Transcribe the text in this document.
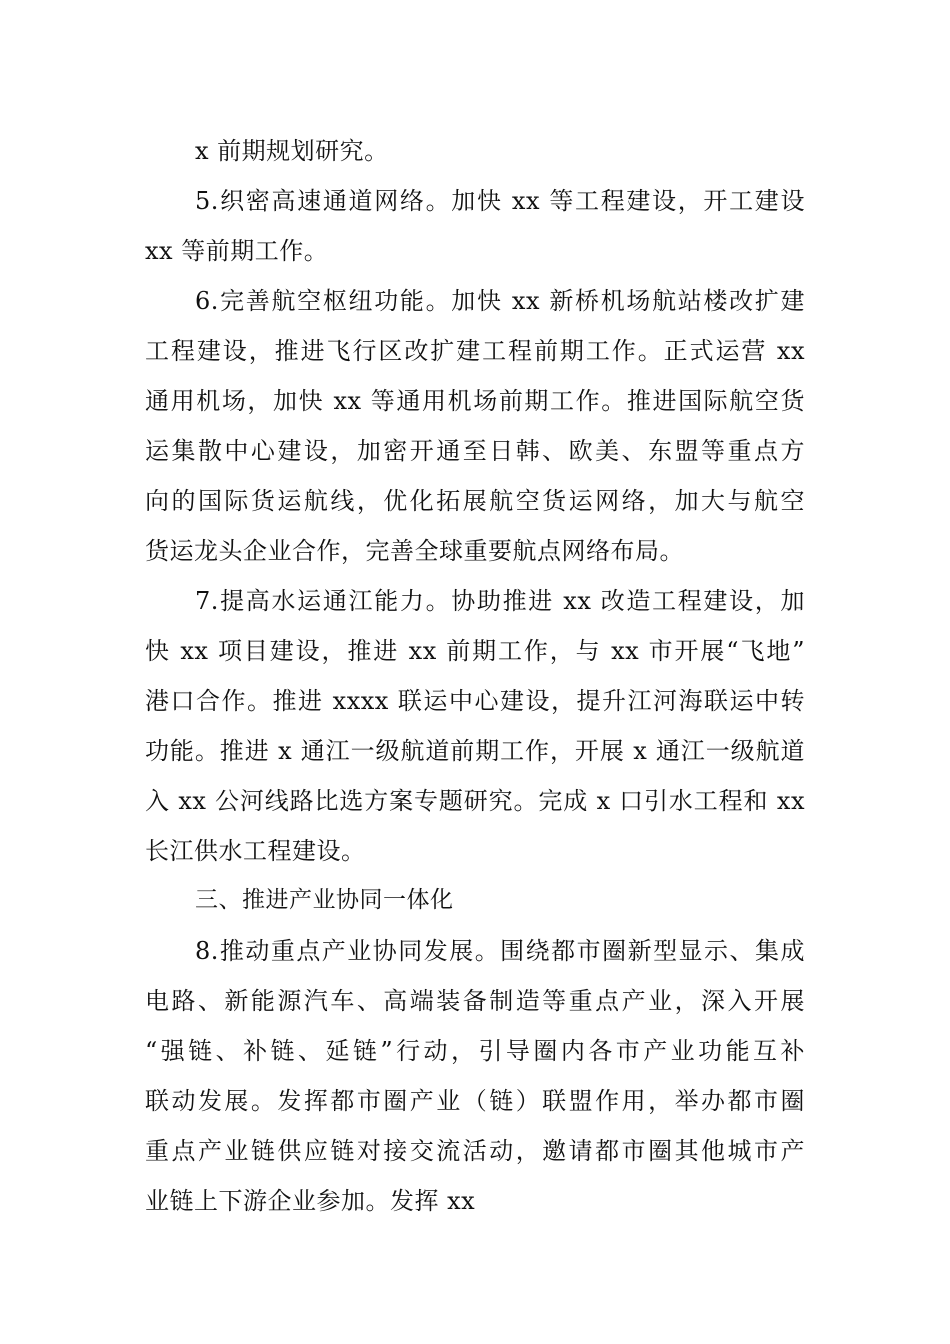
x 前期规划研究。
5.织密高速通道网络。加快 xx 等工程建设，开工建设
xx 等前期工作。
6.完善航空枢纽功能。加快 xx 新桥机场航站楼改扩建
工程建设，推进飞行区改扩建工程前期工作。正式运营 xx
通用机场，加快 xx 等通用机场前期工作。推进国际航空货
运集散中心建设，加密开通至日韩、欧美、东盟等重点方
向的国际货运航线，优化拓展航空货运网络，加大与航空
货运龙头企业合作，完善全球重要航点网络布局。
7.提高水运通江能力。协助推进 xx 改造工程建设，加
快 xx 项目建设，推进 xx 前期工作，与 xx 市开展“飞地”
港口合作。推进 xxxx 联运中心建设，提升江河海联运中转
功能。推进 x 通江一级航道前期工作，开展 x 通江一级航道
入 xx 公河线路比选方案专题研究。完成 x 口引水工程和 xx
长江供水工程建设。
三、推进产业协同一体化
8.推动重点产业协同发展。围绕都市圈新型显示、集成
电路、新能源汽车、高端装备制造等重点产业，深入开展
“强链、补链、延链”行动，引导圈内各市产业功能互补
联动发展。发挥都市圈产业（链）联盟作用，举办都市圈
重点产业链供应链对接交流活动，邀请都市圈其他城市产
业链上下游企业参加。发挥 xx
